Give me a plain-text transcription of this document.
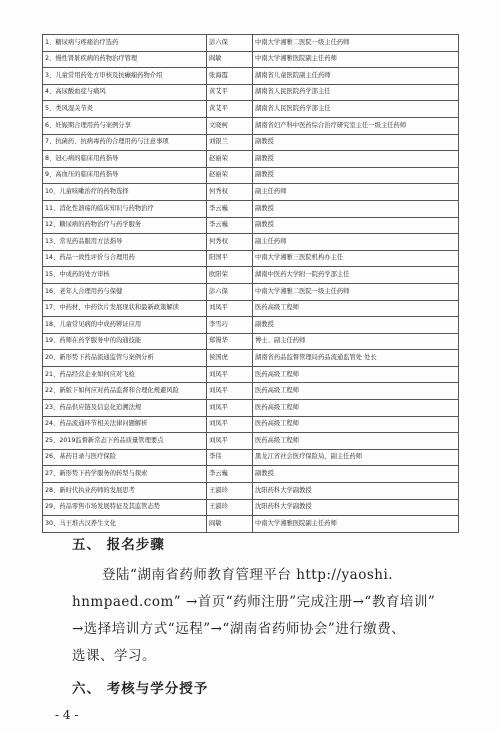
1、糖尿病与疼痛治疗选药	彭六保	中南大学湘雅二医院一级主任药师
2、慢性肾脏疾病的药物治疗管理	阎敏	中南大学湘雅医院副主任药师
3、儿童常用药处方审核及抗癫痫药物介绍	张海霞	湖南省儿童医院副主任药师
4、高尿酸血症与痛风	黄艾平	湖南省人民医院药学部主任
5、类风湿关节炎	黄艾平	湖南省人民医院药学部主任
6、妊娠期合理用药与案例分享	文晓柯	湖南省妇产科中医药综合治疗研究室主任一级主任药师
7、抗菌药、抗病毒药的合理用药与注意事项	刘银兰	副教授
8、冠心病的临床用药指导	赵丽荣	副教授
9、高血压的临床用药指导	赵丽荣	副教授
10、儿童咳嗽治疗的药物选择	何秀权	副主任药师
11、消化性溃疡的临床知识与药物治疗	李云巍	副教授
12、糖尿病的药物治疗与药学服务	李云巍	副教授
13、常见药品服用方法指导	何秀权	副主任药师
14、药品一致性评价与合理用药	阳国平	中南大学湘雅三医院机构办主任
15、中成药的处方审核	欧阳荣	湖南中医药大学附一院药学部主任
16、老年人合理用药与保健	彭六保	中南大学湘雅二医院一级主任药师
17、中药材、中药饮片发展现状和最新政策解读	刘凤平	医药高级工程师
18、儿童常见病的中成药辨证应用	李雪巧	副教授
19、药师在药学服务中的沟通技能	郑馒华	博士、副主任药师
20、新形势下药品流通监管与案例分析	侯国虎	湖南省药品监督管理局药品流通监管处 处长
21、药品经营企业如何应对飞检	刘凤平	医药高级工程师
22、新版下如何应对药品监督和合理化规避风险	刘凤平	医药高级工程师
23、药品供应链及信息化追溯法规	刘凤平	医药高级工程师
24、药品流通环节相关法律问题解析	刘凤平	医药高级工程师
25、2019监督新常态下药品质量管理要点	刘凤平	医药高级工程师
26、基药目录与医疗保险	李伟	黑龙江省社会医疗保险局，副主任药师
27、新形势下药学服务的转型与探索	李云巍	副教授
28、新时代执业药师的发展思考	王淑玲	沈阳药科大学副教授
29、药品零售市场发展特征及其监管态势	王淑玲	沈阳药科大学副教授
30、马王堆古汉养生文化	阎敏	中南大学湘雅医院副主任药师
五、 报名步骤
登陆“湖南省药师教育管理平台 http://yaoshi.
hnmpaed.com” →首页“药师注册”完成注册→“教育培训”
→选择培训方式“远程”→“湖南省药师协会”进行缴费、
选课、学习。
六、 考核与学分授予
- 4 -
